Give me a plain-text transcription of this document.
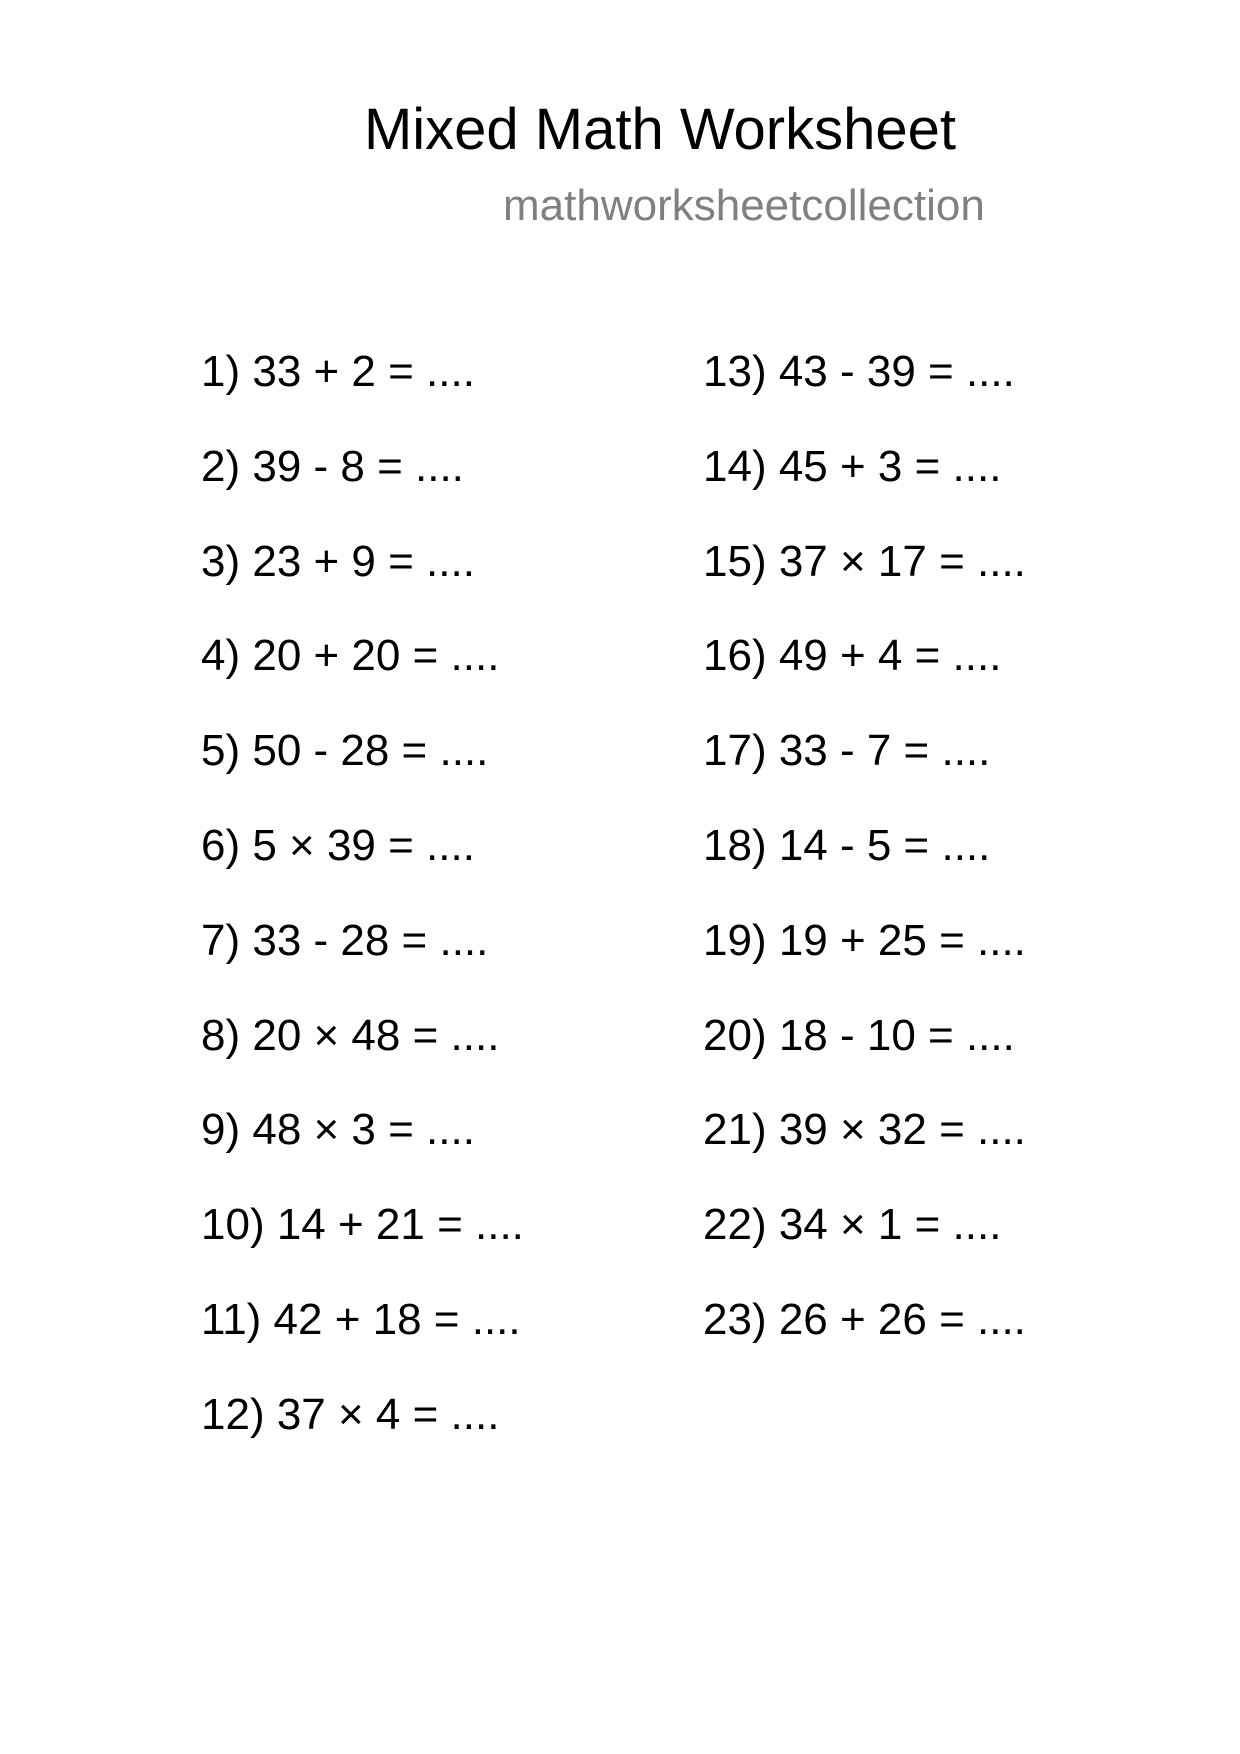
Mixed Math Worksheet
mathworksheetcollection
1) 33 + 2 = ....
2) 39 - 8 = ....
3) 23 + 9 = ....
4) 20 + 20 = ....
5) 50 - 28 = ....
6) 5 × 39 = ....
7) 33 - 28 = ....
8) 20 × 48 = ....
9) 48 × 3 = ....
10) 14 + 21 = ....
11) 42 + 18 = ....
12) 37 × 4 = ....
13) 43 - 39 = ....
14) 45 + 3 = ....
15) 37 × 17 = ....
16) 49 + 4 = ....
17) 33 - 7 = ....
18) 14 - 5 = ....
19) 19 + 25 = ....
20) 18 - 10 = ....
21) 39 × 32 = ....
22) 34 × 1 = ....
23) 26 + 26 = ....
